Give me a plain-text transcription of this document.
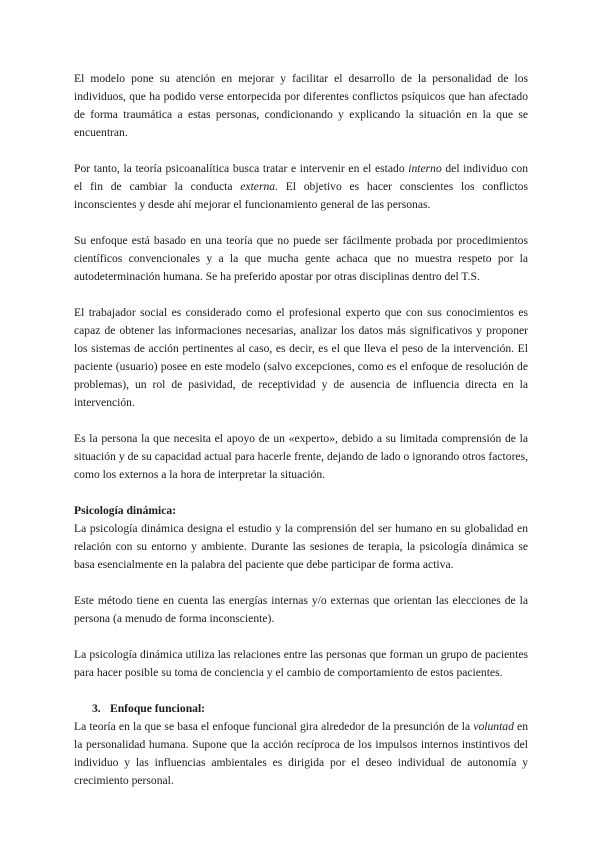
El modelo pone su atención en mejorar y facilitar el desarrollo de la personalidad de los individuos, que ha podido verse entorpecida por diferentes conflictos psíquicos que han afectado de forma traumática a estas personas, condicionando y explicando la situación en la que se encuentran.

Por tanto, la teoría psicoanalítica busca tratar e intervenir en el estado interno del individuo con el fin de cambiar la conducta externa. El objetivo es hacer conscientes los conflictos inconscientes y desde ahí mejorar el funcionamiento general de las personas.

Su enfoque está basado en una teoría que no puede ser fácilmente probada por procedimientos científicos convencionales y a la que mucha gente achaca que no muestra respeto por la autodeterminación humana. Se ha preferido apostar por otras disciplinas dentro del T.S.

El trabajador social es considerado como el profesional experto que con sus conocimientos es capaz de obtener las informaciones necesarias, analizar los datos más significativos y proponer los sistemas de acción pertinentes al caso, es decir, es el que lleva el peso de la intervención. El paciente (usuario) posee en este modelo (salvo excepciones, como es el enfoque de resolución de problemas), un rol de pasividad, de receptividad y de ausencia de influencia directa en la intervención.

Es la persona la que necesita el apoyo de un «experto», debido a su limitada comprensión de la situación y de su capacidad actual para hacerle frente, dejando de lado o ignorando otros factores, como los externos a la hora de interpretar la situación.

Psicología dinámica:

La psicología dinámica designa el estudio y la comprensión del ser humano en su globalidad en relación con su entorno y ambiente. Durante las sesiones de terapia, la psicología dinámica se basa esencialmente en la palabra del paciente que debe participar de forma activa.

Este método tiene en cuenta las energías internas y/o externas que orientan las elecciones de la persona (a menudo de forma inconsciente).

La psicología dinámica utiliza las relaciones entre las personas que forman un grupo de pacientes para hacer posible su toma de conciencia y el cambio de comportamiento de estos pacientes.

3. Enfoque funcional:

La teoría en la que se basa el enfoque funcional gira alrededor de la presunción de la voluntad en la personalidad humana. Supone que la acción recíproca de los impulsos internos instintivos del individuo y las influencias ambientales es dirigida por el deseo individual de autonomía y crecimiento personal.
